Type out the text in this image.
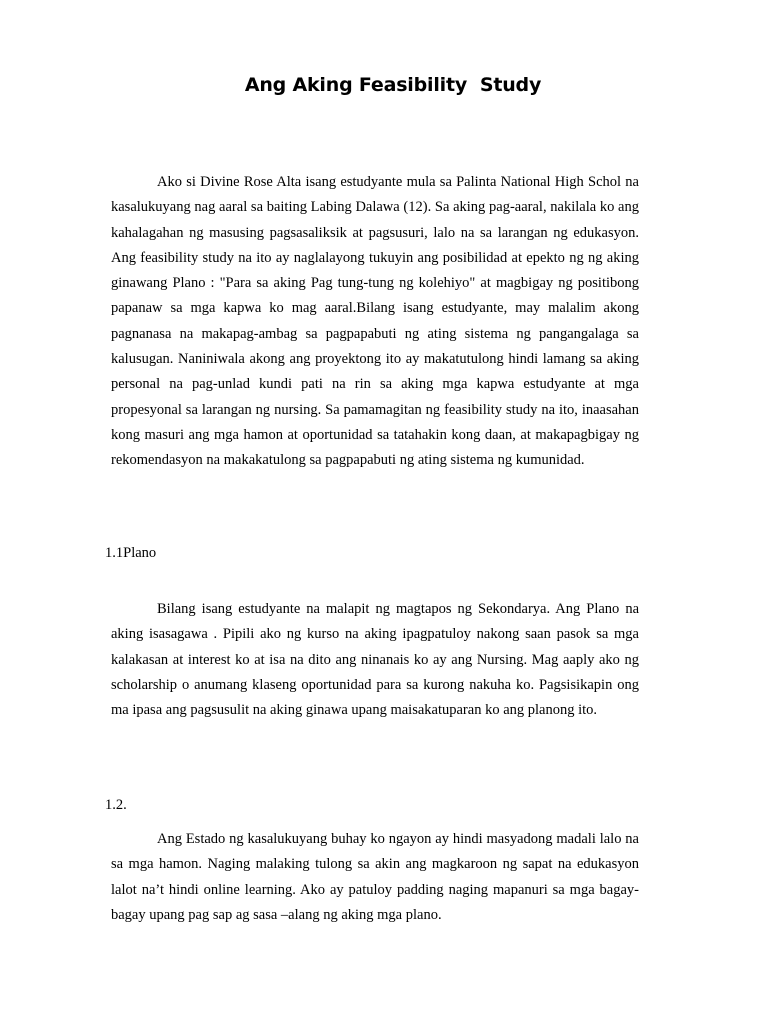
Ang Aking Feasibility  Study

Ako si Divine Rose Alta isang estudyante mula sa Palinta National High Schol na kasalukuyang nag aaral sa baiting Labing Dalawa (12). Sa aking pag-aaral, nakilala ko ang kahalagahan ng masusing pagsasaliksik at pagsusuri, lalo na sa larangan ng edukasyon. Ang feasibility study na ito ay naglalayong tukuyin ang posibilidad at epekto ng ng aking ginawang Plano : "Para sa aking Pag tung-tung ng kolehiyo" at magbigay ng positibong papanaw sa mga kapwa ko mag aaral.Bilang isang estudyante, may malalim akong pagnanasa na makapag-ambag sa pagpapabuti ng ating sistema ng pangangalaga sa kalusugan. Naniniwala akong ang proyektong ito ay makatutulong hindi lamang sa aking personal na pag-unlad kundi pati na rin sa aking mga kapwa estudyante at mga propesyonal sa larangan ng nursing. Sa pamamagitan ng feasibility study na ito, inaasahan kong masuri ang mga hamon at oportunidad sa tatahakin kong daan, at makapagbigay ng rekomendasyon na makakatulong sa pagpapabuti ng ating sistema ng kumunidad.

1.1Plano

Bilang isang estudyante na malapit ng magtapos ng Sekondarya. Ang Plano na aking isasagawa . Pipili ako ng kurso na aking ipagpatuloy nakong saan pasok sa mga kalakasan at interest ko at isa na dito ang ninanais ko ay ang Nursing. Mag aaply ako ng scholarship o anumang klaseng oportunidad para sa kurong nakuha ko. Pagsisikapin ong ma ipasa ang pagsusulit na aking ginawa upang maisakatuparan ko ang planong ito.

1.2.

Ang Estado ng kasalukuyang buhay ko ngayon ay hindi masyadong madali lalo na sa mga hamon. Naging malaking tulong sa akin ang magkaroon ng sapat na edukasyon lalot na’t hindi online learning. Ako ay patuloy padding naging mapanuri sa mga bagay-bagay upang pag sap ag sasa –alang ng aking mga plano.
